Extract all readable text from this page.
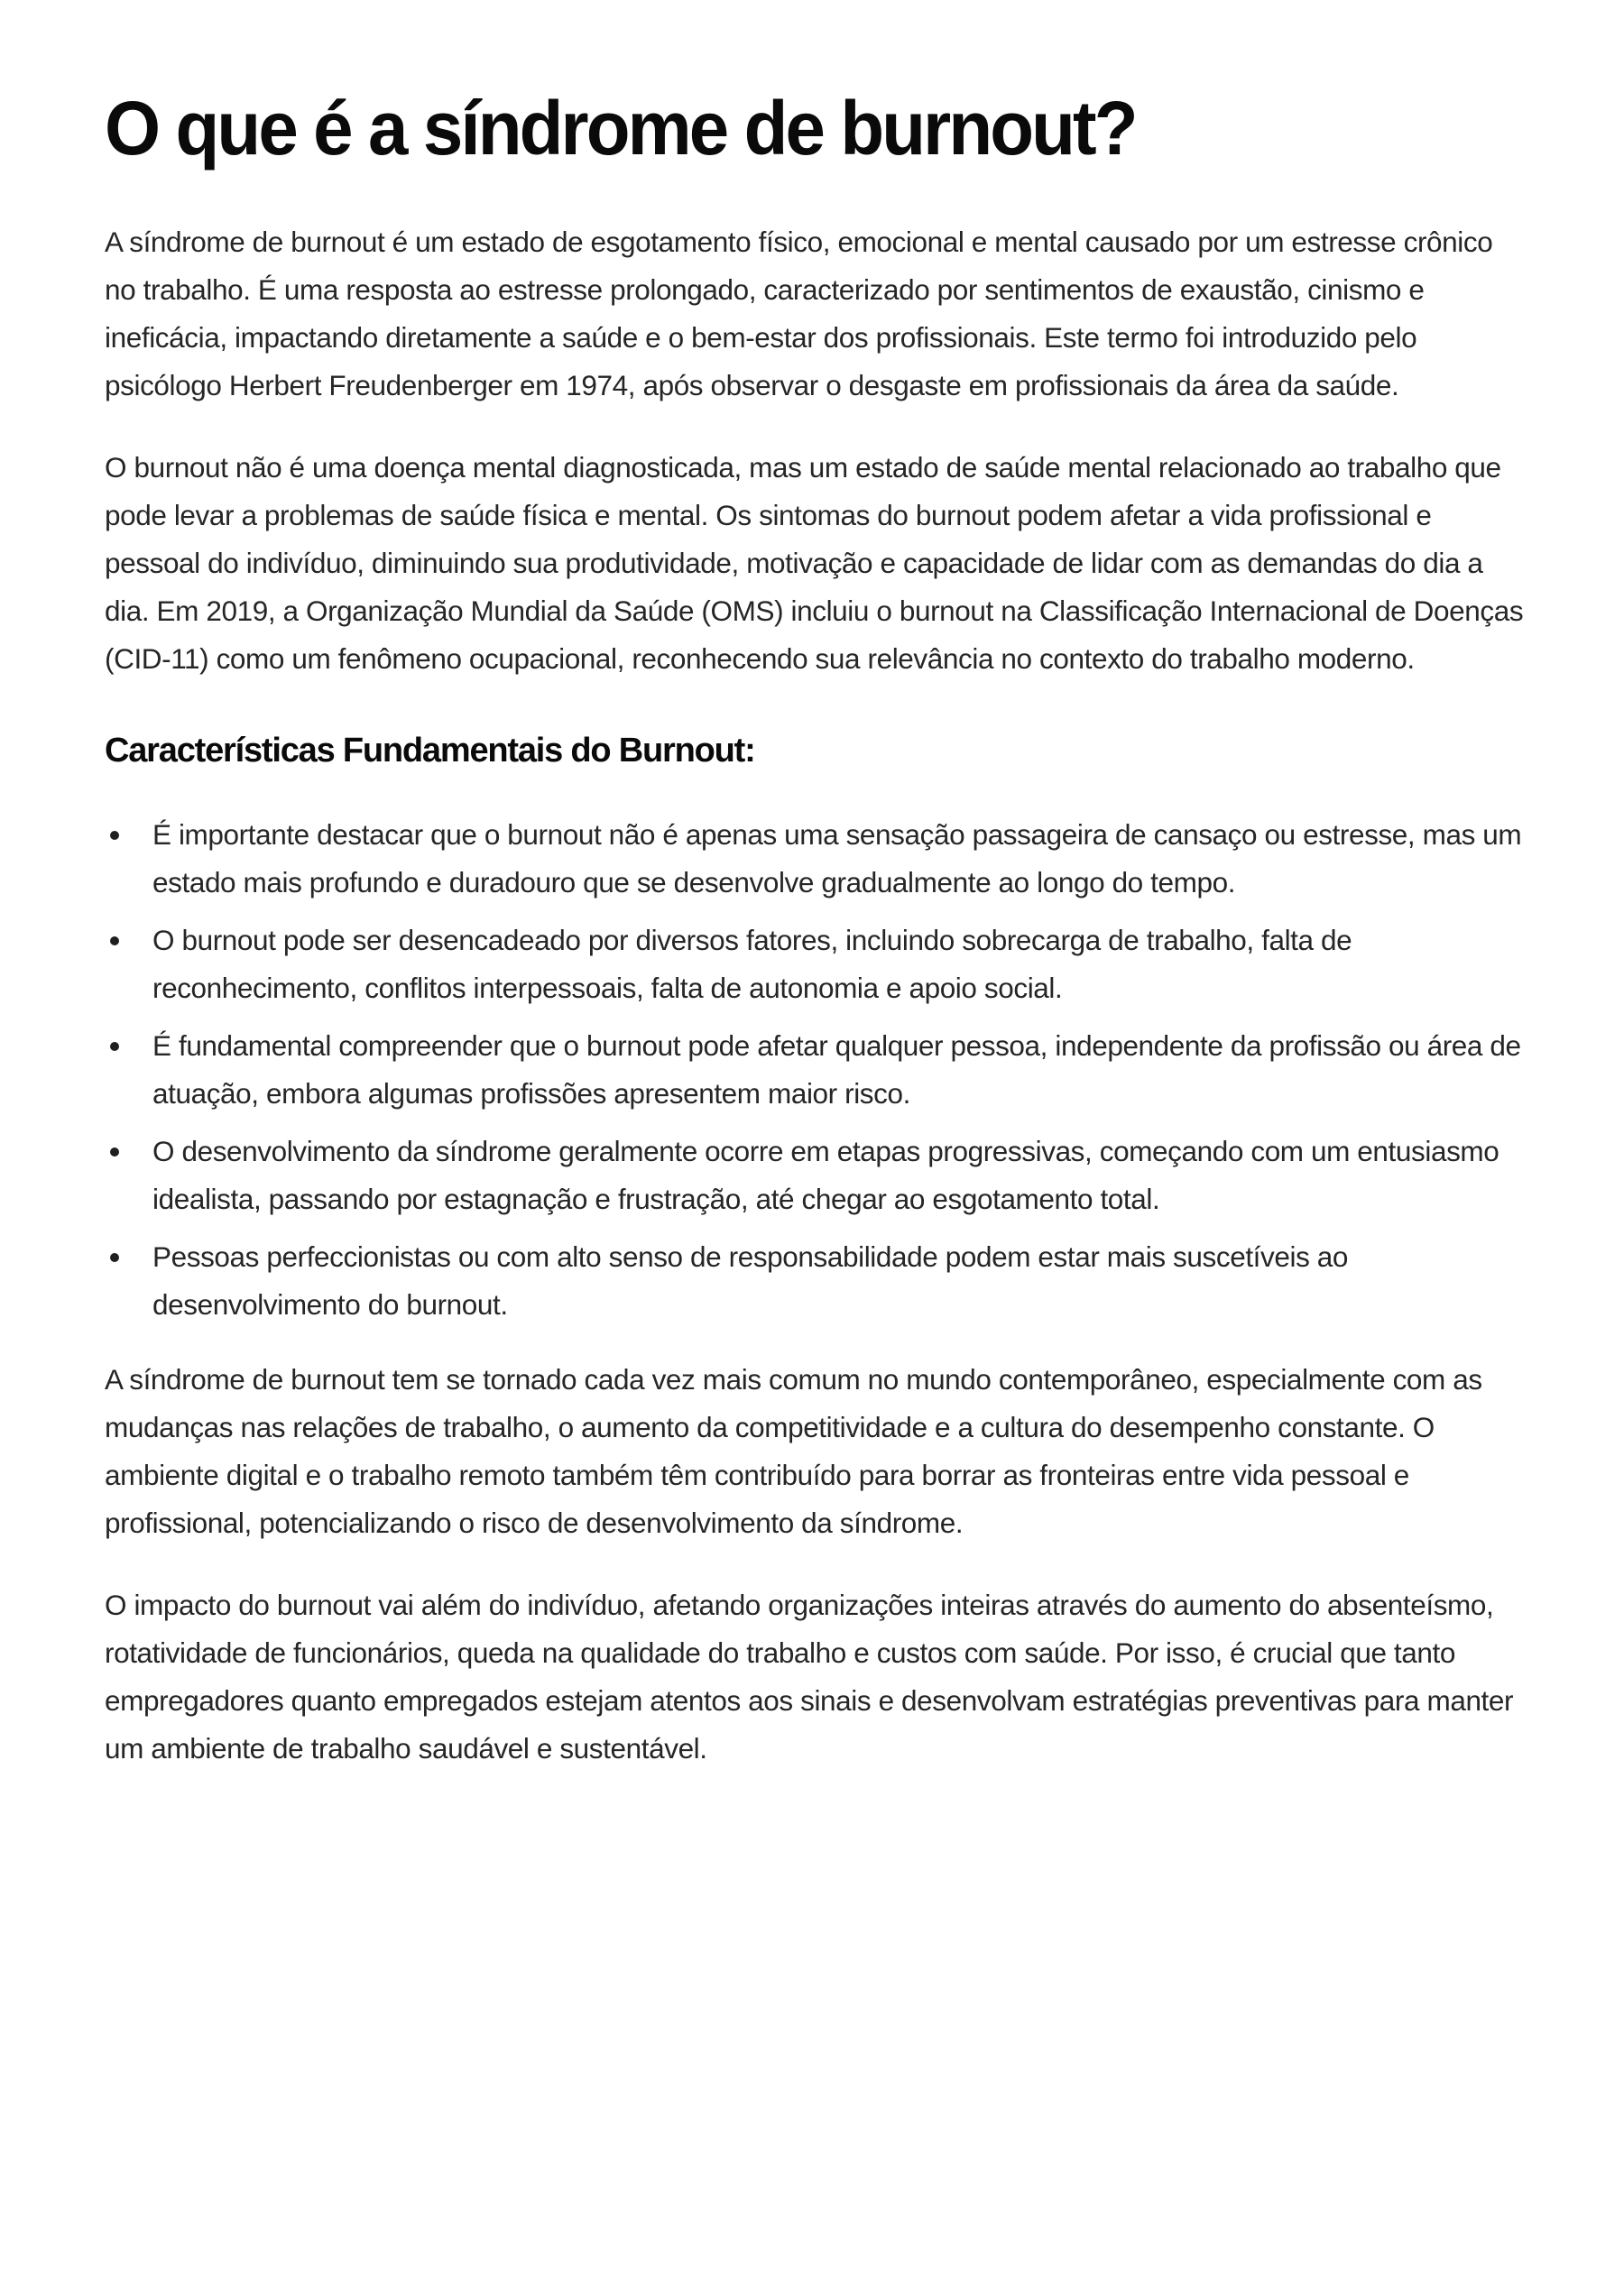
O que é a síndrome de burnout?

A síndrome de burnout é um estado de esgotamento físico, emocional e mental causado por um estresse crônico no trabalho. É uma resposta ao estresse prolongado, caracterizado por sentimentos de exaustão, cinismo e ineficácia, impactando diretamente a saúde e o bem-estar dos profissionais. Este termo foi introduzido pelo psicólogo Herbert Freudenberger em 1974, após observar o desgaste em profissionais da área da saúde.

O burnout não é uma doença mental diagnosticada, mas um estado de saúde mental relacionado ao trabalho que pode levar a problemas de saúde física e mental. Os sintomas do burnout podem afetar a vida profissional e pessoal do indivíduo, diminuindo sua produtividade, motivação e capacidade de lidar com as demandas do dia a dia. Em 2019, a Organização Mundial da Saúde (OMS) incluiu o burnout na Classificação Internacional de Doenças (CID-11) como um fenômeno ocupacional, reconhecendo sua relevância no contexto do trabalho moderno.

Características Fundamentais do Burnout:
É importante destacar que o burnout não é apenas uma sensação passageira de cansaço ou estresse, mas um estado mais profundo e duradouro que se desenvolve gradualmente ao longo do tempo.
O burnout pode ser desencadeado por diversos fatores, incluindo sobrecarga de trabalho, falta de reconhecimento, conflitos interpessoais, falta de autonomia e apoio social.
É fundamental compreender que o burnout pode afetar qualquer pessoa, independente da profissão ou área de atuação, embora algumas profissões apresentem maior risco.
O desenvolvimento da síndrome geralmente ocorre em etapas progressivas, começando com um entusiasmo idealista, passando por estagnação e frustração, até chegar ao esgotamento total.
Pessoas perfeccionistas ou com alto senso de responsabilidade podem estar mais suscetíveis ao desenvolvimento do burnout.

A síndrome de burnout tem se tornado cada vez mais comum no mundo contemporâneo, especialmente com as mudanças nas relações de trabalho, o aumento da competitividade e a cultura do desempenho constante. O ambiente digital e o trabalho remoto também têm contribuído para borrar as fronteiras entre vida pessoal e profissional, potencializando o risco de desenvolvimento da síndrome.

O impacto do burnout vai além do indivíduo, afetando organizações inteiras através do aumento do absenteísmo, rotatividade de funcionários, queda na qualidade do trabalho e custos com saúde. Por isso, é crucial que tanto empregadores quanto empregados estejam atentos aos sinais e desenvolvam estratégias preventivas para manter um ambiente de trabalho saudável e sustentável.
